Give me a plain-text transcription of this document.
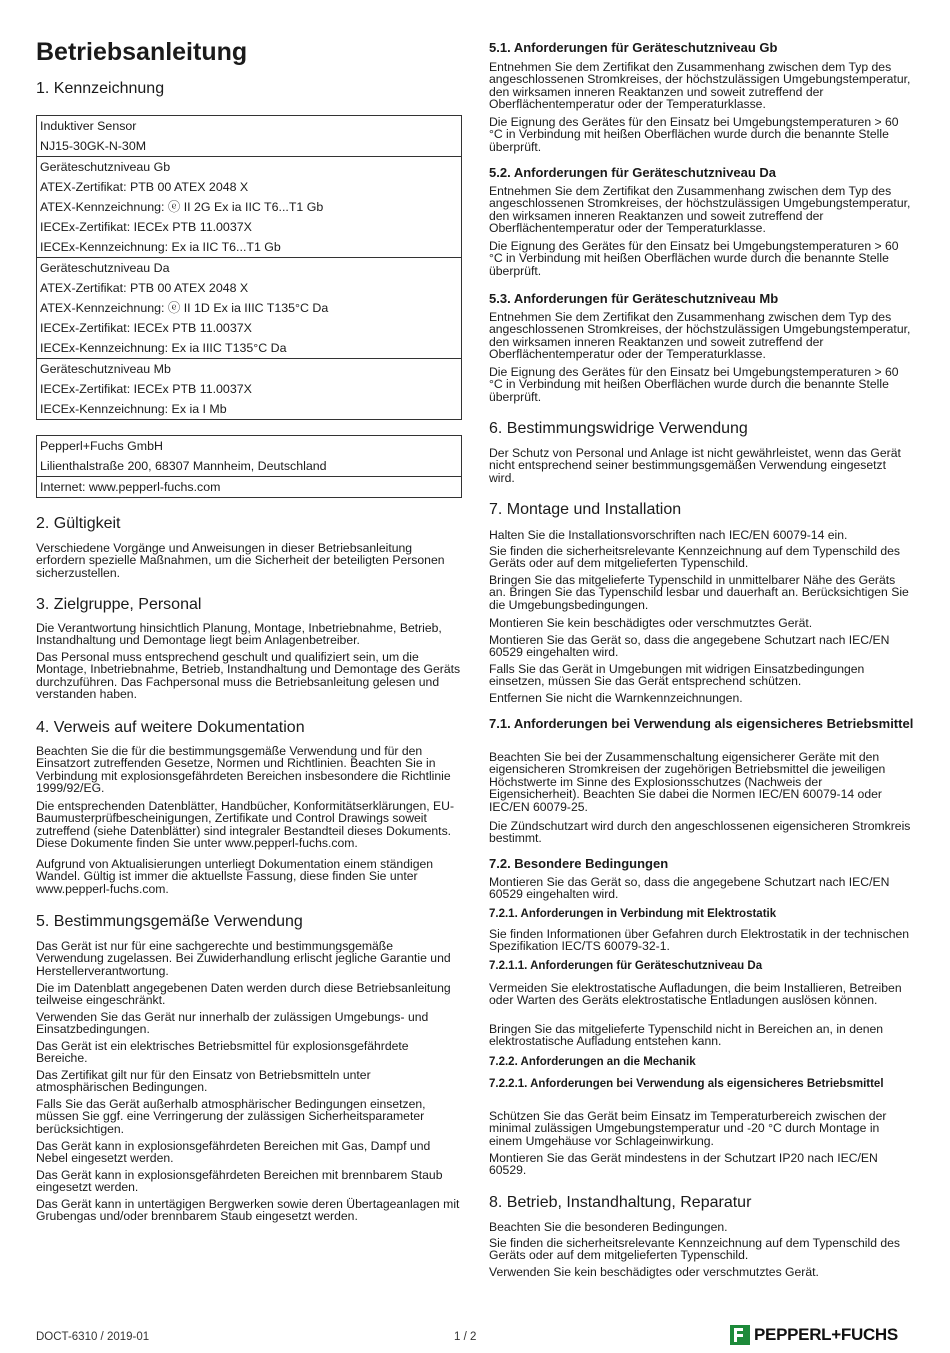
Betriebsanleitung
1. Kennzeichnung
Induktiver Sensor
NJ15-30GK-N-30M
Geräteschutzniveau Gb
ATEX-Zertifikat: PTB 00 ATEX 2048 X
ATEX-Kennzeichnung: ⓔ II 2G Ex ia IIC T6...T1 Gb
IECEx-Zertifikat: IECEx PTB 11.0037X
IECEx-Kennzeichnung: Ex ia IIC T6...T1 Gb
Geräteschutzniveau Da
ATEX-Zertifikat: PTB 00 ATEX 2048 X
ATEX-Kennzeichnung: ⓔ II 1D Ex ia IIIC T135°C Da
IECEx-Zertifikat: IECEx PTB 11.0037X
IECEx-Kennzeichnung: Ex ia IIIC T135°C Da
Geräteschutzniveau Mb
IECEx-Zertifikat: IECEx PTB 11.0037X
IECEx-Kennzeichnung: Ex ia I Mb
Pepperl+Fuchs GmbH
Lilienthalstraße 200, 68307 Mannheim, Deutschland
Internet: www.pepperl-fuchs.com
2. Gültigkeit

Verschiedene Vorgänge und Anweisungen in dieser Betriebsanleitung erfordern spezielle Maßnahmen, um die Sicherheit der beteiligten Personen sicherzustellen.

3. Zielgruppe, Personal

Die Verantwortung hinsichtlich Planung, Montage, Inbetriebnahme, Betrieb, Instandhaltung und Demontage liegt beim Anlagenbetreiber.

Das Personal muss entsprechend geschult und qualifiziert sein, um die Montage, Inbetriebnahme, Betrieb, Instandhaltung und Demontage des Geräts durchzuführen. Das Fachpersonal muss die Betriebsanleitung gelesen und verstanden haben.

4. Verweis auf weitere Dokumentation

Beachten Sie die für die bestimmungsgemäße Verwendung und für den Einsatzort zutreffenden Gesetze, Normen und Richtlinien. Beachten Sie in Verbindung mit explosionsgefährdeten Bereichen insbesondere die Richtlinie 1999/92/EG.

Die entsprechenden Datenblätter, Handbücher, Konformitätserklärungen, EU-Baumusterprüfbescheinigungen, Zertifikate und Control Drawings soweit zutreffend (siehe Datenblätter) sind integraler Bestandteil dieses Dokuments. Diese Dokumente finden Sie unter www.pepperl-fuchs.com.

Aufgrund von Aktualisierungen unterliegt Dokumentation einem ständigen Wandel. Gültig ist immer die aktuellste Fassung, diese finden Sie unter www.pepperl-fuchs.com.

5. Bestimmungsgemäße Verwendung

Das Gerät ist nur für eine sachgerechte und bestimmungsgemäße Verwendung zugelassen. Bei Zuwiderhandlung erlischt jegliche Garantie und Herstellerverantwortung.

Die im Datenblatt angegebenen Daten werden durch diese Betriebsanleitung teilweise eingeschränkt.

Verwenden Sie das Gerät nur innerhalb der zulässigen Umgebungs- und Einsatzbedingungen.

Das Gerät ist ein elektrisches Betriebsmittel für explosionsgefährdete Bereiche.

Das Zertifikat gilt nur für den Einsatz von Betriebsmitteln unter atmosphärischen Bedingungen.

Falls Sie das Gerät außerhalb atmosphärischer Bedingungen einsetzen, müssen Sie ggf. eine Verringerung der zulässigen Sicherheitsparameter berücksichtigen.

Das Gerät kann in explosionsgefährdeten Bereichen mit Gas, Dampf und Nebel eingesetzt werden.

Das Gerät kann in explosionsgefährdeten Bereichen mit brennbarem Staub eingesetzt werden.

Das Gerät kann in untertägigen Bergwerken sowie deren Übertageanlagen mit Grubengas und/oder brennbarem Staub eingesetzt werden.

5.1. Anforderungen für Geräteschutzniveau Gb

Entnehmen Sie dem Zertifikat den Zusammenhang zwischen dem Typ des angeschlossenen Stromkreises, der höchstzulässigen Umgebungstemperatur, den wirksamen inneren Reaktanzen und soweit zutreffend der Oberflächentemperatur oder der Temperaturklasse.

Die Eignung des Gerätes für den Einsatz bei Umgebungstemperaturen > 60 °C in Verbindung mit heißen Oberflächen wurde durch die benannte Stelle überprüft.

5.2. Anforderungen für Geräteschutzniveau Da

Entnehmen Sie dem Zertifikat den Zusammenhang zwischen dem Typ des angeschlossenen Stromkreises, der höchstzulässigen Umgebungstemperatur, den wirksamen inneren Reaktanzen und soweit zutreffend der Oberflächentemperatur oder der Temperaturklasse.

Die Eignung des Gerätes für den Einsatz bei Umgebungstemperaturen > 60 °C in Verbindung mit heißen Oberflächen wurde durch die benannte Stelle überprüft.

5.3. Anforderungen für Geräteschutzniveau Mb

Entnehmen Sie dem Zertifikat den Zusammenhang zwischen dem Typ des angeschlossenen Stromkreises, der höchstzulässigen Umgebungstemperatur, den wirksamen inneren Reaktanzen und soweit zutreffend der Oberflächentemperatur oder der Temperaturklasse.

Die Eignung des Gerätes für den Einsatz bei Umgebungstemperaturen > 60 °C in Verbindung mit heißen Oberflächen wurde durch die benannte Stelle überprüft.

6. Bestimmungswidrige Verwendung

Der Schutz von Personal und Anlage ist nicht gewährleistet, wenn das Gerät nicht entsprechend seiner bestimmungsgemäßen Verwendung eingesetzt wird.

7. Montage und Installation

Halten Sie die Installationsvorschriften nach IEC/EN 60079-14 ein.

Sie finden die sicherheitsrelevante Kennzeichnung auf dem Typenschild des Geräts oder auf dem mitgelieferten Typenschild.

Bringen Sie das mitgelieferte Typenschild in unmittelbarer Nähe des Geräts an. Bringen Sie das Typenschild lesbar und dauerhaft an. Berücksichtigen Sie die Umgebungsbedingungen.

Montieren Sie kein beschädigtes oder verschmutztes Gerät.

Montieren Sie das Gerät so, dass die angegebene Schutzart nach IEC/EN 60529 eingehalten wird.

Falls Sie das Gerät in Umgebungen mit widrigen Einsatzbedingungen einsetzen, müssen Sie das Gerät entsprechend schützen.

Entfernen Sie nicht die Warnkennzeichnungen.

7.1. Anforderungen bei Verwendung als eigensicheres Betriebsmittel

Beachten Sie bei der Zusammenschaltung eigensicherer Geräte mit den eigensicheren Stromkreisen der zugehörigen Betriebsmittel die jeweiligen Höchstwerte im Sinne des Explosionsschutzes (Nachweis der Eigensicherheit). Beachten Sie dabei die Normen IEC/EN 60079-14 oder IEC/EN 60079-25.

Die Zündschutzart wird durch den angeschlossenen eigensicheren Stromkreis bestimmt.

7.2. Besondere Bedingungen

Montieren Sie das Gerät so, dass die angegebene Schutzart nach IEC/EN 60529 eingehalten wird.

7.2.1. Anforderungen in Verbindung mit Elektrostatik

Sie finden Informationen über Gefahren durch Elektrostatik in der technischen Spezifikation IEC/TS 60079-32-1.

7.2.1.1. Anforderungen für Geräteschutzniveau Da

Vermeiden Sie elektrostatische Aufladungen, die beim Installieren, Betreiben oder Warten des Geräts elektrostatische Entladungen auslösen können.

Bringen Sie das mitgelieferte Typenschild nicht in Bereichen an, in denen elektrostatische Aufladung entstehen kann.

7.2.2. Anforderungen an die Mechanik
7.2.2.1. Anforderungen bei Verwendung als eigensicheres Betriebsmittel

Schützen Sie das Gerät beim Einsatz im Temperaturbereich zwischen der minimal zulässigen Umgebungstemperatur und -20 °C durch Montage in einem Umgehäuse vor Schlageinwirkung.

Montieren Sie das Gerät mindestens in der Schutzart IP20 nach IEC/EN 60529.

8. Betrieb, Instandhaltung, Reparatur

Beachten Sie die besonderen Bedingungen.

Sie finden die sicherheitsrelevante Kennzeichnung auf dem Typenschild des Geräts oder auf dem mitgelieferten Typenschild.

Verwenden Sie kein beschädigtes oder verschmutztes Gerät.

DOCT-6310 / 2019-01	1 / 2	PEPPERL+FUCHS
